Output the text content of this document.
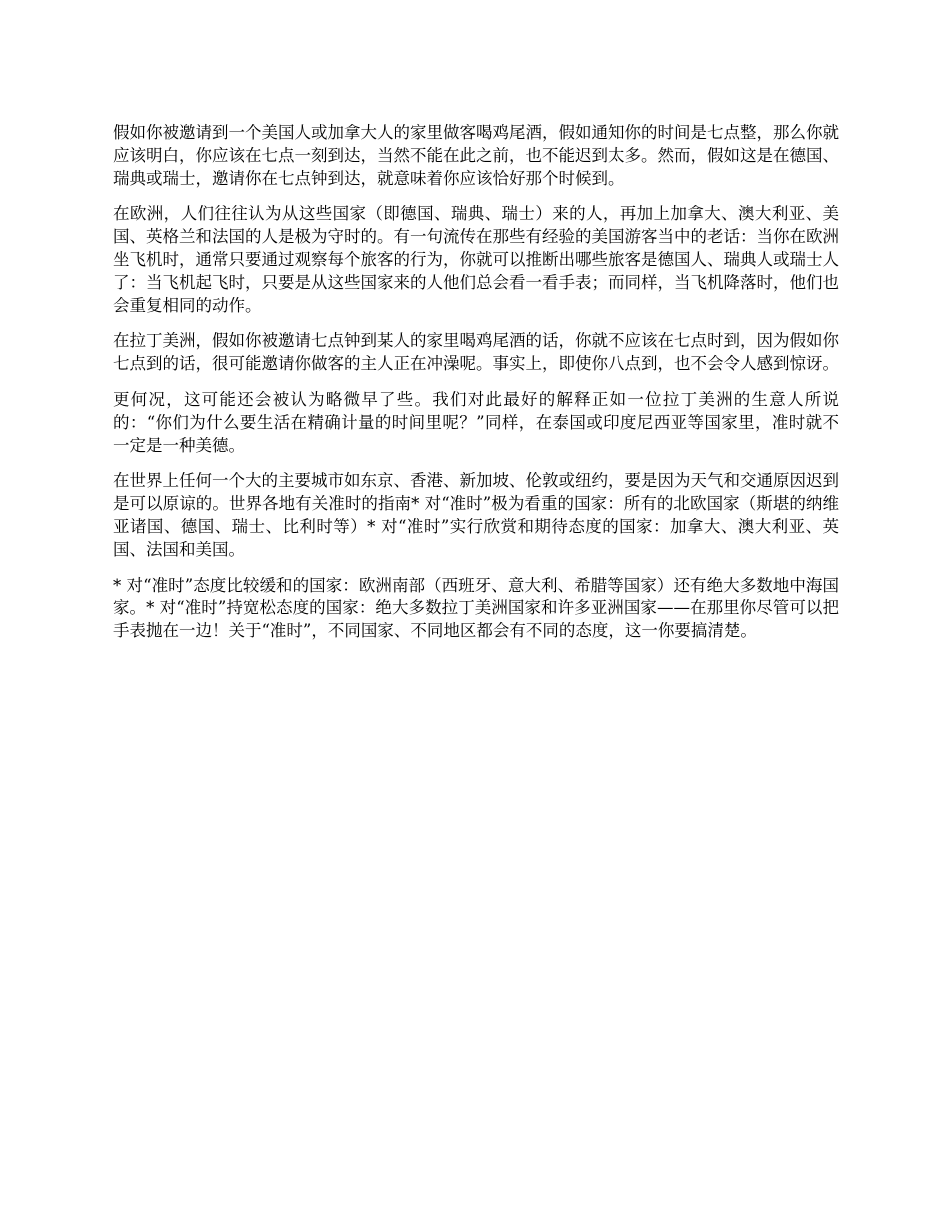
假如你被邀请到一个美国人或加拿大人的家里做客喝鸡尾酒，假如通知你的时间是七点整，那么你就应该明白，你应该在七点一刻到达，当然不能在此之前，也不能迟到太多。然而，假如这是在德国、瑞典或瑞士，邀请你在七点钟到达，就意味着你应该恰好那个时候到。

在欧洲，人们往往认为从这些国家（即德国、瑞典、瑞士）来的人，再加上加拿大、澳大利亚、美国、英格兰和法国的人是极为守时的。有一句流传在那些有经验的美国游客当中的老话：当你在欧洲坐飞机时，通常只要通过观察每个旅客的行为，你就可以推断出哪些旅客是德国人、瑞典人或瑞士人了：当飞机起飞时，只要是从这些国家来的人他们总会看一看手表；而同样，当飞机降落时，他们也会重复相同的动作。

在拉丁美洲，假如你被邀请七点钟到某人的家里喝鸡尾酒的话，你就不应该在七点时到，因为假如你七点到的话，很可能邀请你做客的主人正在冲澡呢。事实上，即使你八点到，也不会令人感到惊讶。

更何况，这可能还会被认为略微早了些。我们对此最好的解释正如一位拉丁美洲的生意人所说的：“你们为什么要生活在精确计量的时间里呢？”同样，在泰国或印度尼西亚等国家里，准时就不一定是一种美德。

在世界上任何一个大的主要城市如东京、香港、新加坡、伦敦或纽约，要是因为天气和交通原因迟到是可以原谅的。世界各地有关准时的指南* 对“准时”极为看重的国家：所有的北欧国家（斯堪的纳维亚诸国、德国、瑞士、比利时等）* 对“准时”实行欣赏和期待态度的国家：加拿大、澳大利亚、英国、法国和美国。

* 对“准时”态度比较缓和的国家：欧洲南部（西班牙、意大利、希腊等国家）还有绝大多数地中海国家。* 对“准时”持宽松态度的国家：绝大多数拉丁美洲国家和许多亚洲国家——在那里你尽管可以把手表抛在一边！关于“准时”，不同国家、不同地区都会有不同的态度，这一你要搞清楚。
